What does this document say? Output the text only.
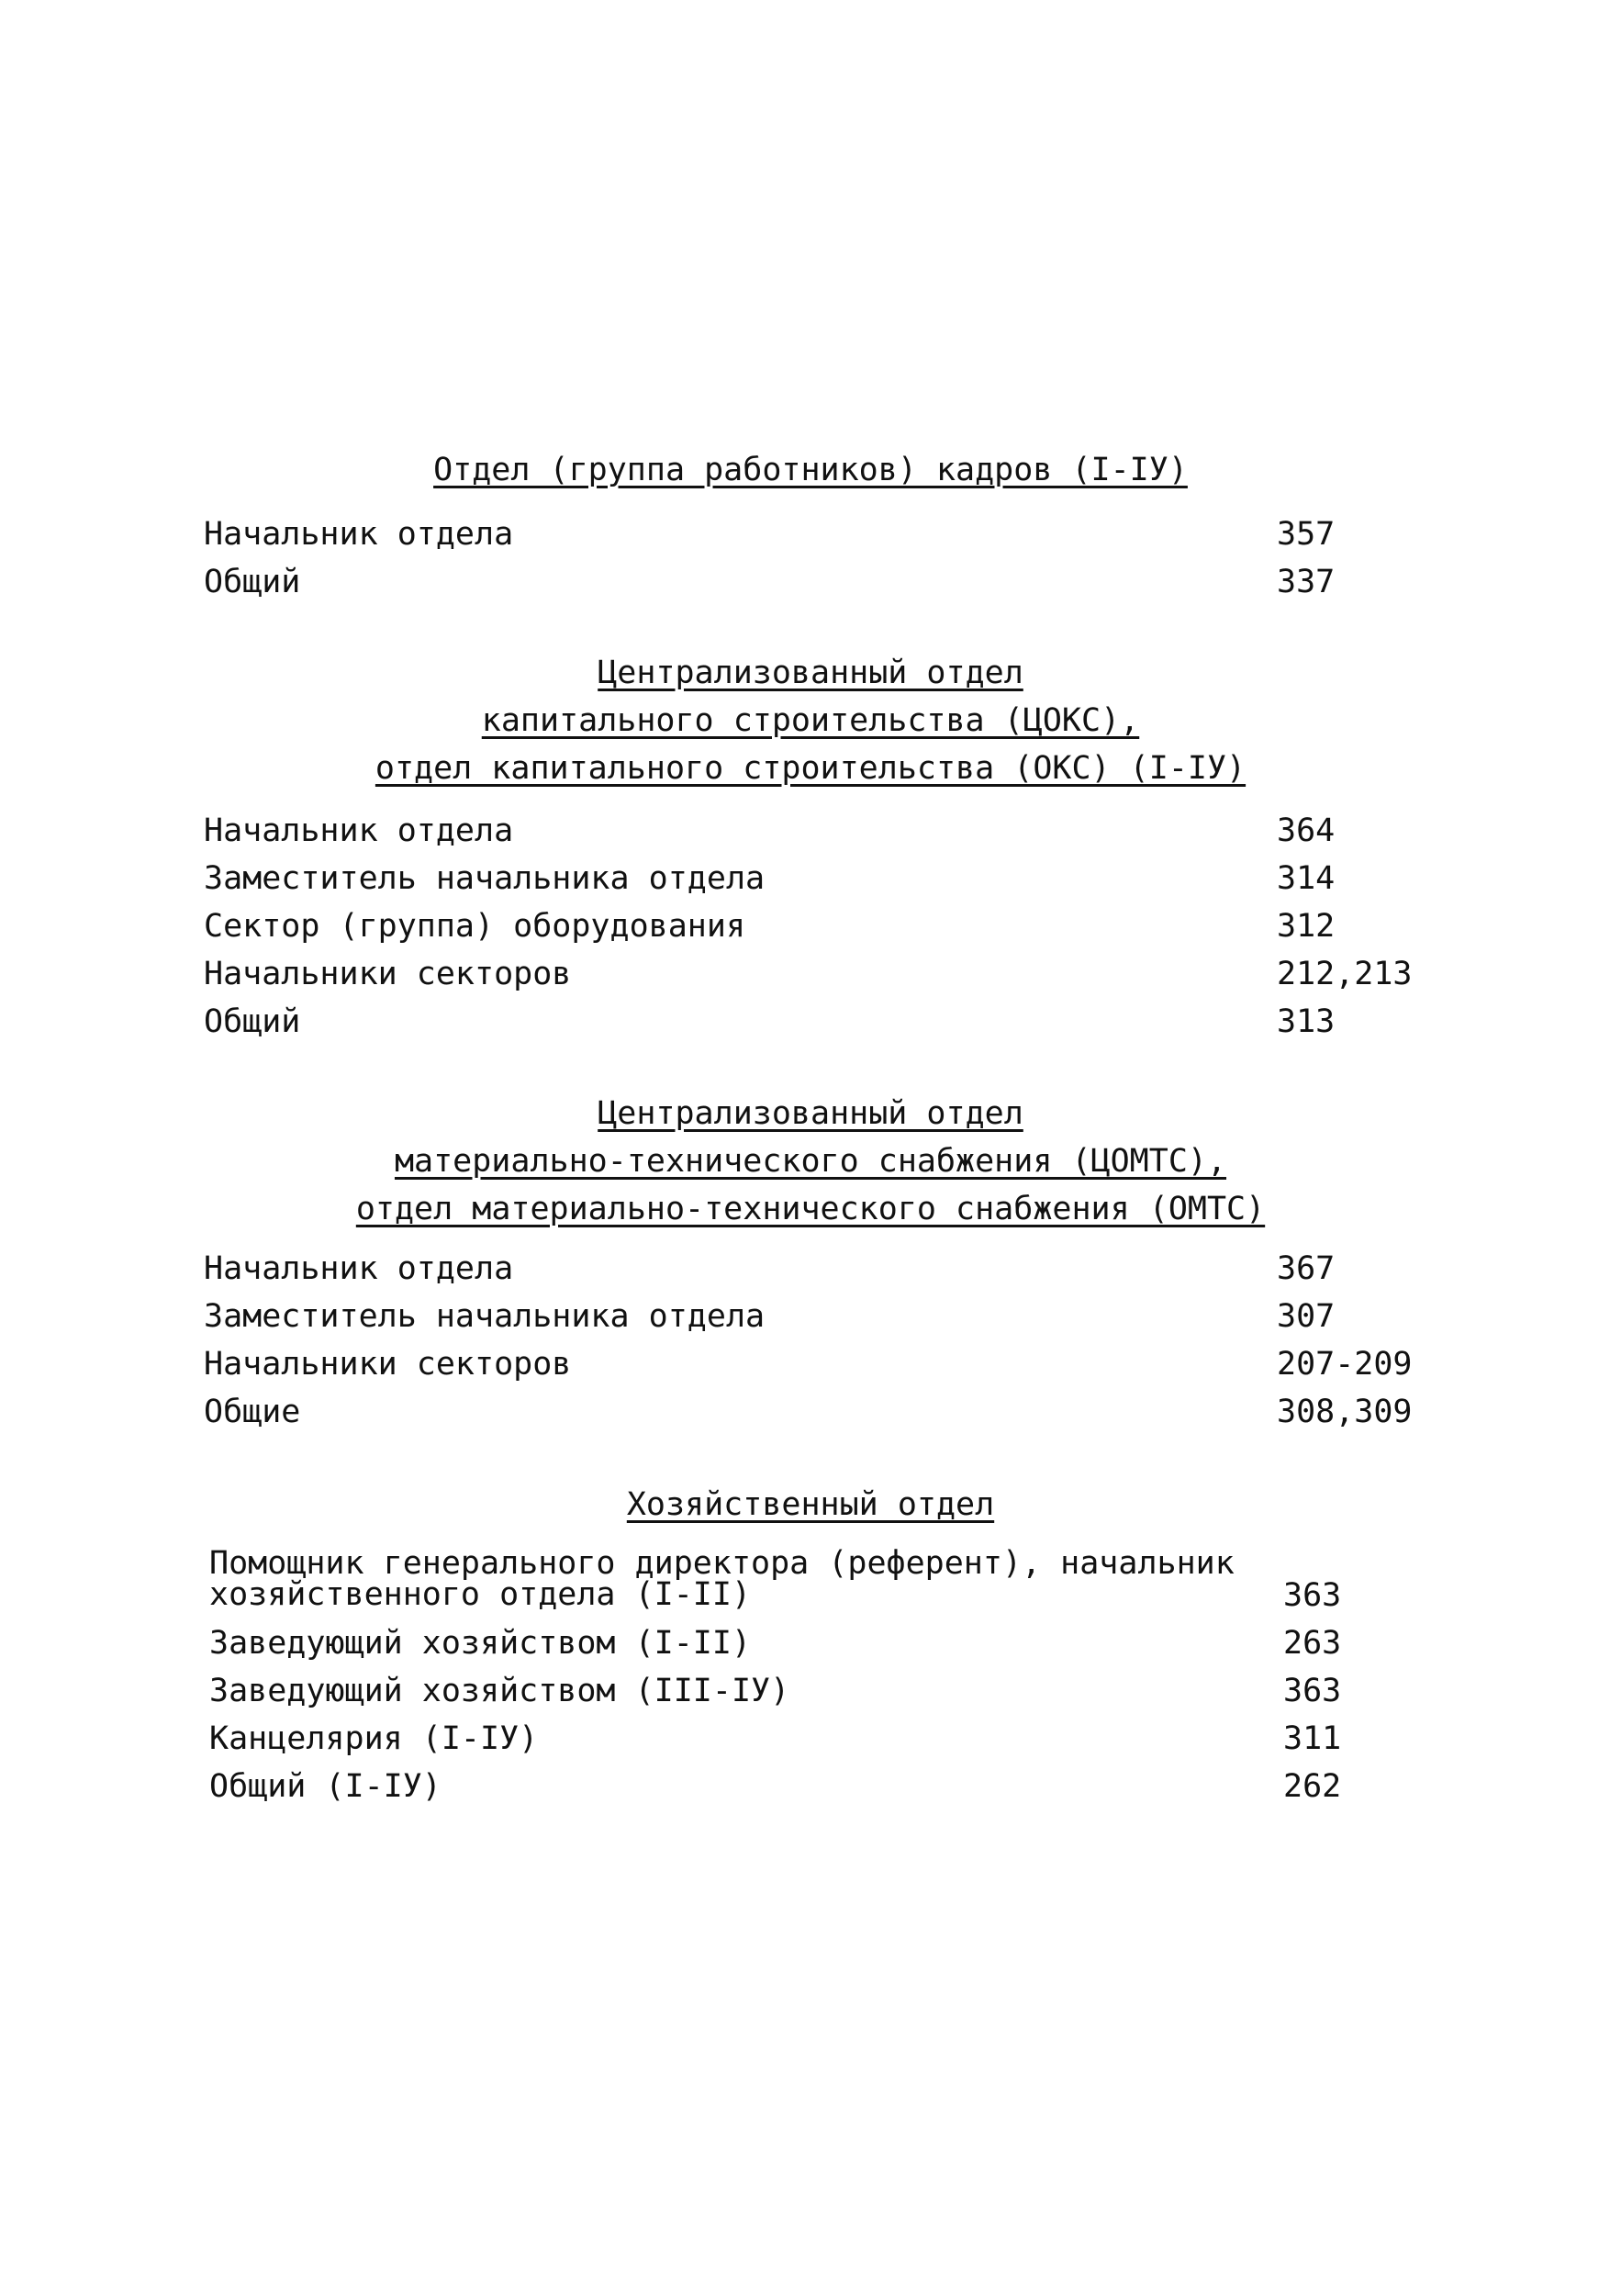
Отдел (группа работников) кадров (I-IУ)
Начальник отдела	357
Общий	337
Централизованный отдел
капитального строительства (ЦОКС),
отдел капитального строительства (ОКС) (I-IУ)
Начальник отдела	364
Заместитель начальника отдела	314
Сектор (группа) оборудования	312
Начальники секторов	212,213
Общий	313
Централизованный отдел
материально-технического снабжения (ЦОМТС),
отдел материально-технического снабжения (ОМТС)
Начальник отдела	367
Заместитель начальника отдела	307
Начальники секторов	207-209
Общие	308,309
Хозяйственный отдел
Помощник генерального директора (референт), начальник
хозяйственного отдела (I-II)	363
Заведующий хозяйством (I-II)	263
Заведующий хозяйством (III-IУ)	363
Канцелярия (I-IУ)	311
Общий (I-IУ)	262
